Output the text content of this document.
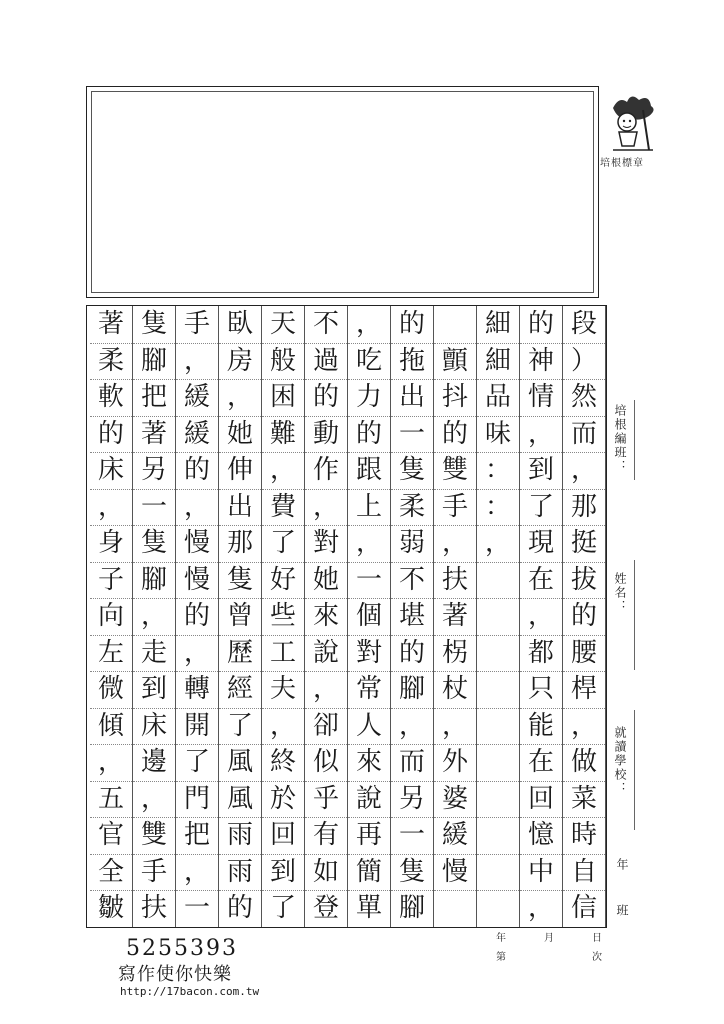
培根標章
段
）
然
而
，
那
挺
拔
的
腰
桿
，
做
菜
時
自
信
的
神
情
，
到
了
現
在
，
都
只
能
在
回
憶
中
，
細
細
品
味
：
：
，
顫
抖
的
雙
手
，
扶
著
柺
杖
，
外
婆
緩
慢
的
拖
出
一
隻
柔
弱
不
堪
的
腳
，
而
另
一
隻
腳
，
吃
力
的
跟
上
，
一
個
對
常
人
來
說
再
簡
單
不
過
的
動
作
，
對
她
來
說
，
卻
似
乎
有
如
登
天
般
困
難
，
費
了
好
些
工
夫
，
終
於
回
到
了
臥
房
，
她
伸
出
那
隻
曾
歷
經
了
風
風
雨
雨
的
手
，
緩
緩
的
，
慢
慢
的
，
轉
開
了
門
把
，
一
隻
腳
把
著
另
一
隻
腳
，
走
到
床
邊
，
雙
手
扶
著
柔
軟
的
床
，
身
子
向
左
微
傾
，
五
官
全
皺
培根編班：
姓名：
就讀學校：
年
班
年	月	日
第	次
5255393
寫作使你快樂
http://17bacon.com.tw
